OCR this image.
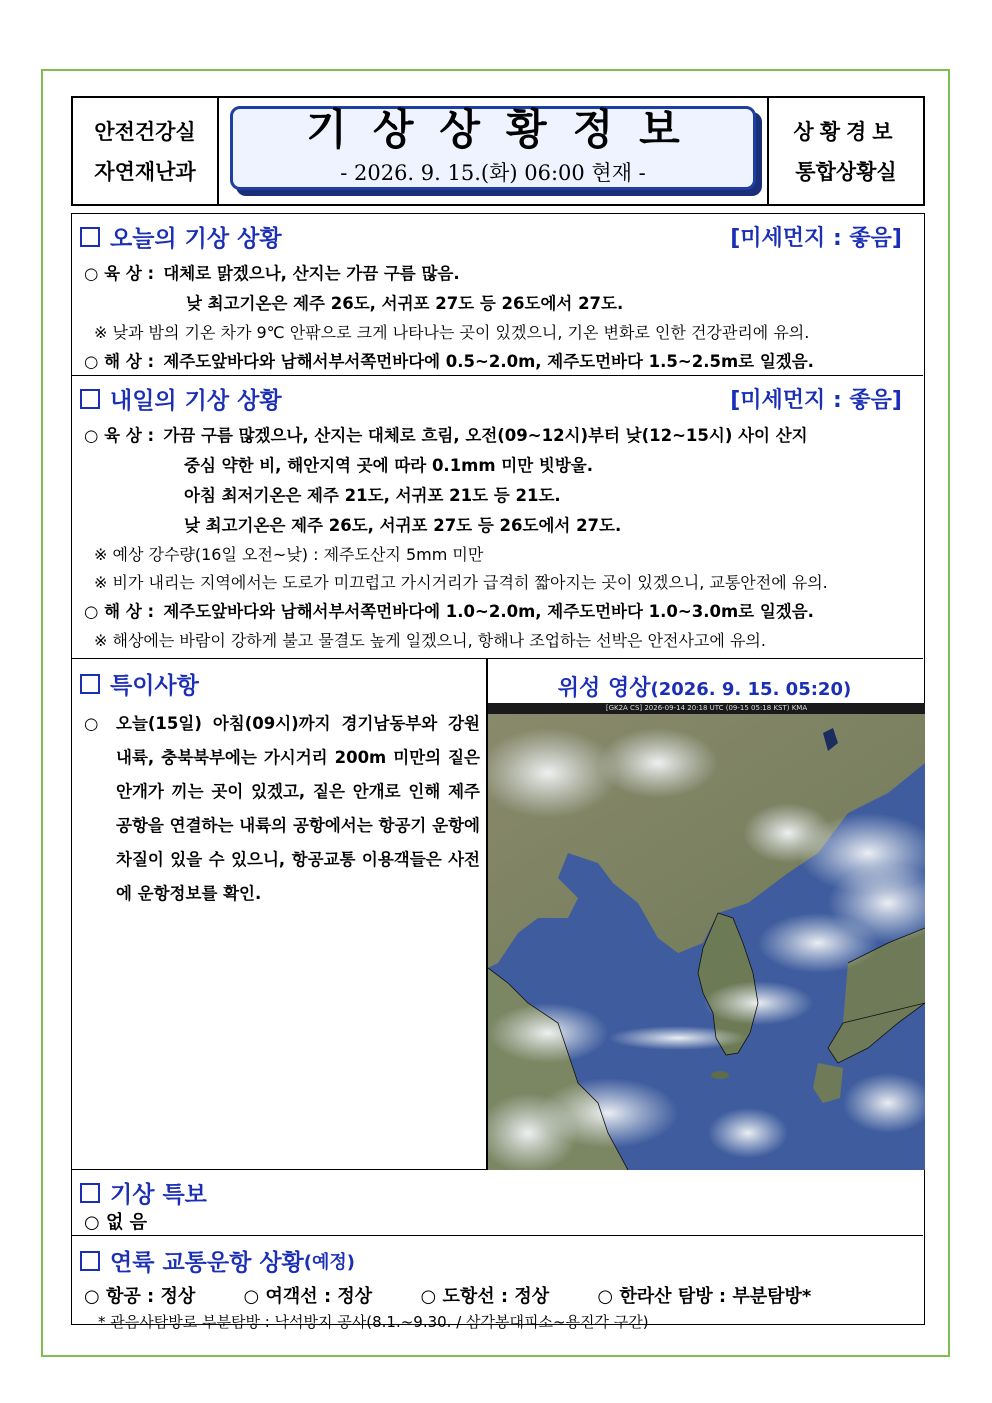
안전건강실
자연재난과
기상상황정보
- 2026. 9. 15.(화) 06:00 현재 -
상황경보
통합상황실
오늘의 기상 상황	[미세먼지 : 좋음]
○ 육 상 : 대체로 맑겠으나, 산지는 가끔 구름 많음.
낮 최고기온은 제주 26도, 서귀포 27도 등 26도에서 27도.
※ 낮과 밤의 기온 차가 9℃ 안팎으로 크게 나타나는 곳이 있겠으니, 기온 변화로 인한 건강관리에 유의.
○ 해 상 : 제주도앞바다와 남해서부서쪽먼바다에 0.5~2.0m, 제주도먼바다 1.5~2.5m로 일겠음.
내일의 기상 상황	[미세먼지 : 좋음]
○ 육 상 : 가끔 구름 많겠으나, 산지는 대체로 흐림, 오전(09~12시)부터 낮(12~15시) 사이 산지
중심 약한 비, 해안지역 곳에 따라 0.1mm 미만 빗방울.
아침 최저기온은 제주 21도, 서귀포 21도 등 21도.
낮 최고기온은 제주 26도, 서귀포 27도 등 26도에서 27도.
※ 예상 강수량(16일 오전~낮) : 제주도산지 5mm 미만
※ 비가 내리는 지역에서는 도로가 미끄럽고 가시거리가 급격히 짧아지는 곳이 있겠으니, 교통안전에 유의.
○ 해 상 : 제주도앞바다와 남해서부서쪽먼바다에 1.0~2.0m, 제주도먼바다 1.0~3.0m로 일겠음.
※ 해상에는 바람이 강하게 불고 물결도 높게 일겠으니, 항해나 조업하는 선박은 안전사고에 유의.
특이사항
○	오늘(15일) 아침(09시)까지 경기남동부와 강원내륙, 충북북부에는 가시거리 200m 미만의 짙은 안개가 끼는 곳이 있겠고, 짙은 안개로 인해 제주 공항을 연결하는 내륙의 공항에서는 항공기 운항에 차질이 있을 수 있으니, 항공교통 이용객들은 사전에 운항정보를 확인.
위성 영상(2026. 9. 15. 05:20)
[GK2A CS] 2026-09-14 20:18 UTC (09-15 05:18 KST) KMA
기상 특보
○ 없 음
연륙 교통운항 상황 (예정)
○ 항공 : 정상	○ 여객선 : 정상	○ 도항선 : 정상	○ 한라산 탐방 : 부분탐방*
* 관음사탐방로 부분탐방 : 낙석방지 공사(8.1.~9.30. / 삼각봉대피소~용진각 구간)
